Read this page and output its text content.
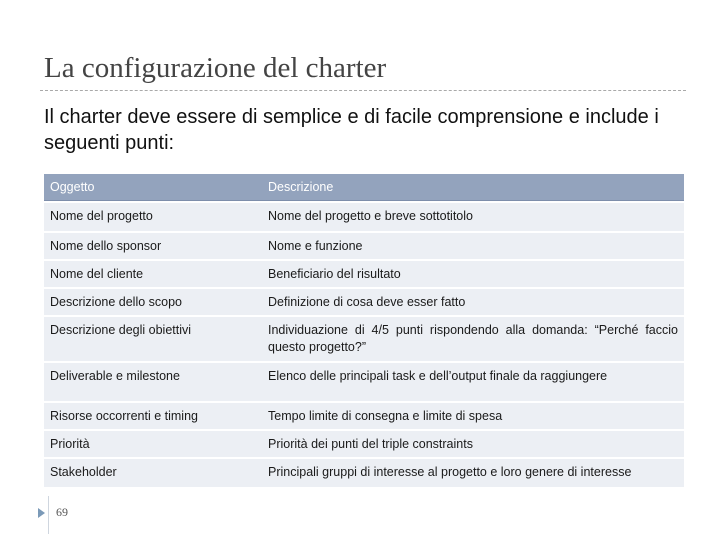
La configurazione del charter

Il charter deve essere di semplice e di facile comprensione e include i seguenti punti:

Oggetto	Descrizione
Nome del progetto	Nome del progetto e breve sottotitolo
Nome dello sponsor	Nome e funzione
Nome del cliente	Beneficiario del risultato
Descrizione dello scopo	Definizione di cosa deve esser fatto
Descrizione degli obiettivi	Individuazione di 4/5 punti rispondendo alla domanda: “Perché faccio questo progetto?”
Deliverable e milestone	Elenco delle principali task e dell’output finale da raggiungere
Risorse occorrenti e timing	Tempo limite di consegna e limite di spesa
Priorità	Priorità dei punti del triple constraints
Stakeholder	Principali gruppi di interesse al progetto e loro genere di interesse
69
